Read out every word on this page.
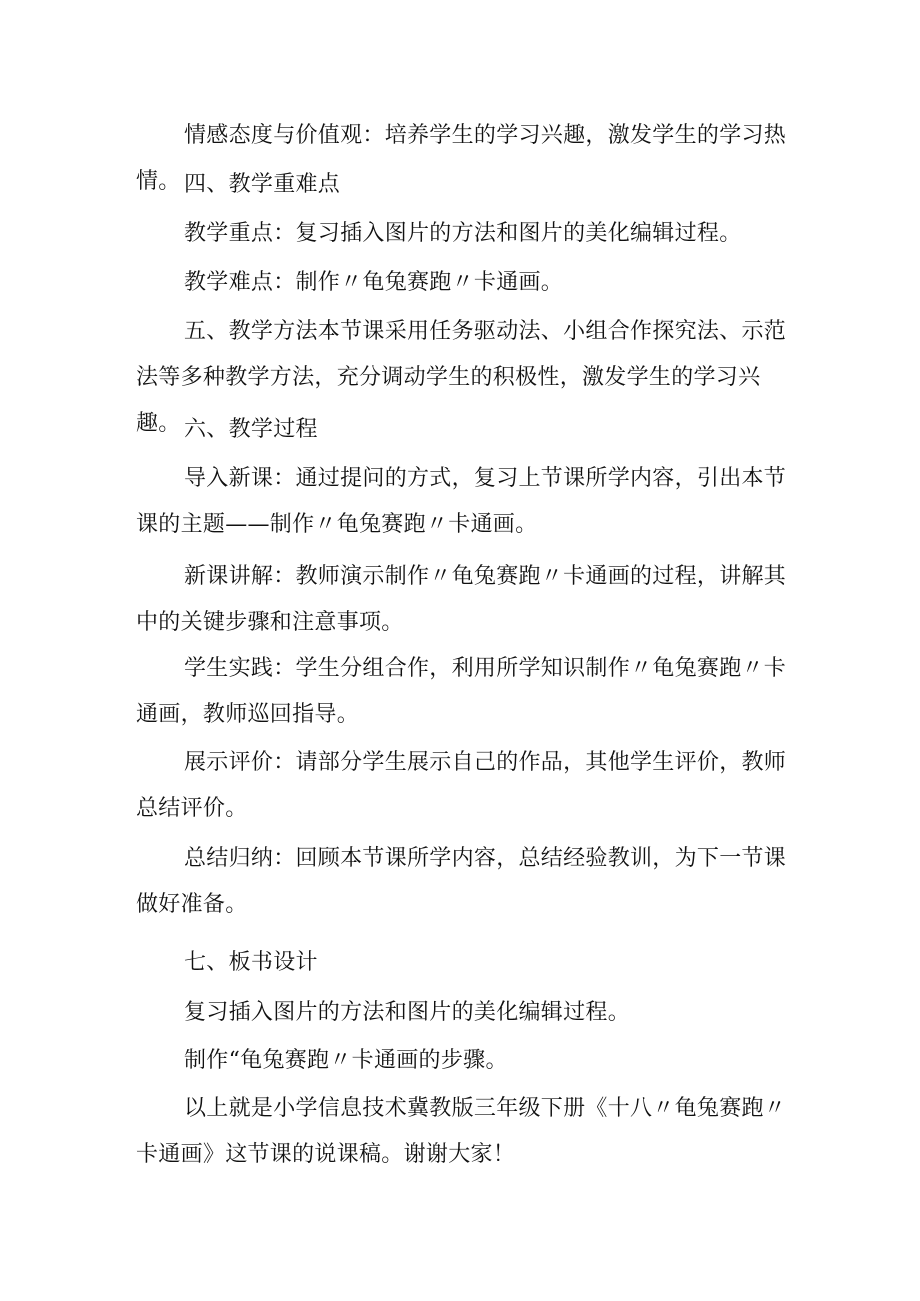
情感态度与价值观：培养学生的学习兴趣，激发学生的学习热情。 四、教学重难点

教学重点：复习插入图片的方法和图片的美化编辑过程。

教学难点：制作〃龟兔赛跑〃卡通画。

五、教学方法本节课采用任务驱动法、小组合作探究法、示范法等多种教学方法，充分调动学生的积极性，激发学生的学习兴趣。 六、教学过程

导入新课：通过提问的方式，复习上节课所学内容，引出本节课的主题——制作〃龟兔赛跑〃卡通画。

新课讲解：教师演示制作〃龟兔赛跑〃卡通画的过程，讲解其中的关键步骤和注意事项。

学生实践：学生分组合作，利用所学知识制作〃龟兔赛跑〃卡通画，教师巡回指导。

展示评价：请部分学生展示自己的作品，其他学生评价，教师总结评价。

总结归纳：回顾本节课所学内容，总结经验教训，为下一节课做好准备。

七、板书设计

复习插入图片的方法和图片的美化编辑过程。

制作“龟兔赛跑〃卡通画的步骤。

以上就是小学信息技术冀教版三年级下册《十八〃龟兔赛跑〃卡通画》这节课的说课稿。谢谢大家！
